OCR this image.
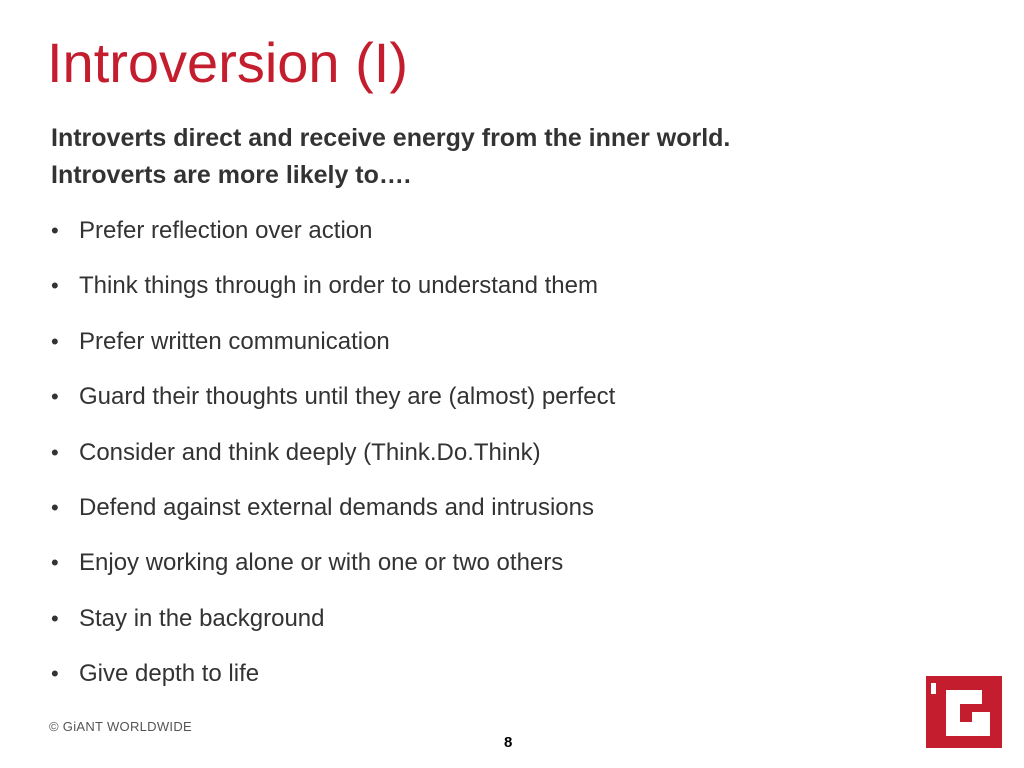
Introversion (I)

Introverts direct and receive energy from the inner world. Introverts are more likely to….

• Prefer reflection over action
• Think things through in order to understand them
• Prefer written communication
• Guard their thoughts until they are (almost) perfect
• Consider and think deeply (Think.Do.Think)
• Defend against external demands and intrusions
• Enjoy working alone or with one or two others
• Stay in the background
• Give depth to life
© GiANT WORLDWIDE
8
